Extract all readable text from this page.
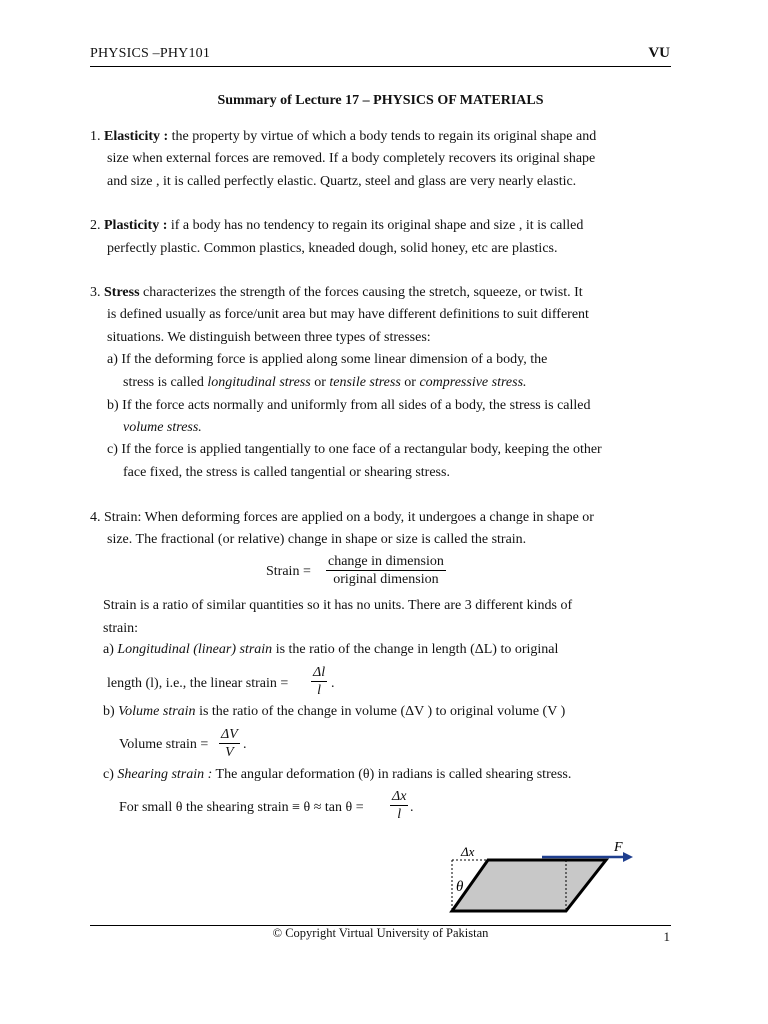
PHYSICS –PHY101	VU
Summary of Lecture 17 – PHYSICS OF MATERIALS
1. Elasticity : the property by virtue of which a body tends to regain its original shape and
size when external forces are removed. If a body completely recovers its original shape
and size , it is called perfectly elastic. Quartz, steel and glass are very nearly elastic.
2. Plasticity : if a body has no tendency to regain its original shape and size , it is called
perfectly plastic. Common plastics, kneaded dough, solid honey, etc are plastics.
3. Stress characterizes the strength of the forces causing the stretch, squeeze, or twist. It
is defined usually as force/unit area but may have different definitions to suit different
situations. We distinguish between three types of stresses:
a) If the deforming force is applied along some linear dimension of a body, the
stress is called longitudinal stress or tensile stress or compressive stress.
b) If the force acts normally and uniformly from all sides of a body, the stress is called
volume stress.
c) If the force is applied tangentially to one face of a rectangular body, keeping the other
face fixed, the stress is called tangential or shearing stress.
4. Strain: When deforming forces are applied on a body, it undergoes a change in shape or
size. The fractional (or relative) change in shape or size is called the strain.
Strain =
change in dimension
original dimension
Strain is a ratio of similar quantities so it has no units. There are 3 different kinds of
strain:
a) Longitudinal (linear) strain is the ratio of the change in length (ΔL) to original
length (l), i.e., the linear strain = $\frac{\Delta l}{l}$ .
b) Volume strain is the ratio of the change in volume (ΔV ) to original volume (V )
Volume strain = $\frac{\Delta V}{V}$ .
c) Shearing strain : The angular deformation (θ) in radians is called shearing stress.
For small θ the shearing strain ≡ $\theta \approx \tan \theta = \frac{\Delta x}{l}$ .
Δx	F
θ
© Copyright Virtual University of Pakistan	1
